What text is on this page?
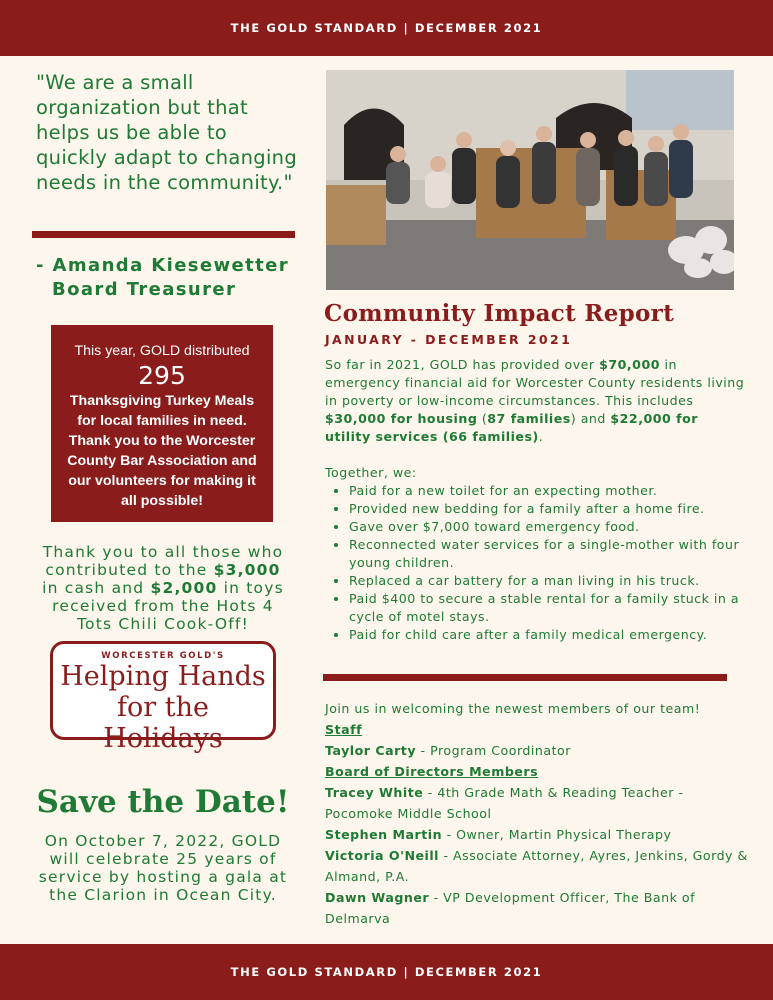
THE GOLD STANDARD | DECEMBER 2021
"We are a small organization but that helps us be able to quickly adapt to changing needs in the community."
- Amanda Kiesewetter
Board Treasurer
This year, GOLD distributed
295
Thanksgiving Turkey Meals for local families in need. Thank you to the Worcester County Bar Association and our volunteers for making it all possible!
Thank you to all those who contributed to the $3,000 in cash and $2,000 in toys received from the Hots 4 Tots Chili Cook-Off!
WORCESTER GOLD'S
Helping Hands
for the Holidays
Save the Date!
On October 7, 2022, GOLD will celebrate 25 years of service by hosting a gala at the Clarion in Ocean City.
Community Impact Report
JANUARY - DECEMBER 2021

So far in 2021, GOLD has provided over $70,000 in emergency financial aid for Worcester County residents living in poverty or low-income circumstances. This includes $30,000 for housing (87 families) and $22,000 for utility services (66 families).

Together, we:

• Paid for a new toilet for an expecting mother.
• Provided new bedding for a family after a home fire.
• Gave over $7,000 toward emergency food.
• Reconnected water services for a single-mother with four young children.
• Replaced a car battery for a man living in his truck.
• Paid $400 to secure a stable rental for a family stuck in a cycle of motel stays.
• Paid for child care after a family medical emergency.

Join us in welcoming the newest members of our team!

Staff

Taylor Carty - Program Coordinator

Board of Directors Members

Tracey White - 4th Grade Math & Reading Teacher - Pocomoke Middle School

Stephen Martin - Owner, Martin Physical Therapy

Victoria O'Neill - Associate Attorney, Ayres, Jenkins, Gordy & Almand, P.A.

Dawn Wagner - VP Development Officer, The Bank of Delmarva

THE GOLD STANDARD | DECEMBER 2021
